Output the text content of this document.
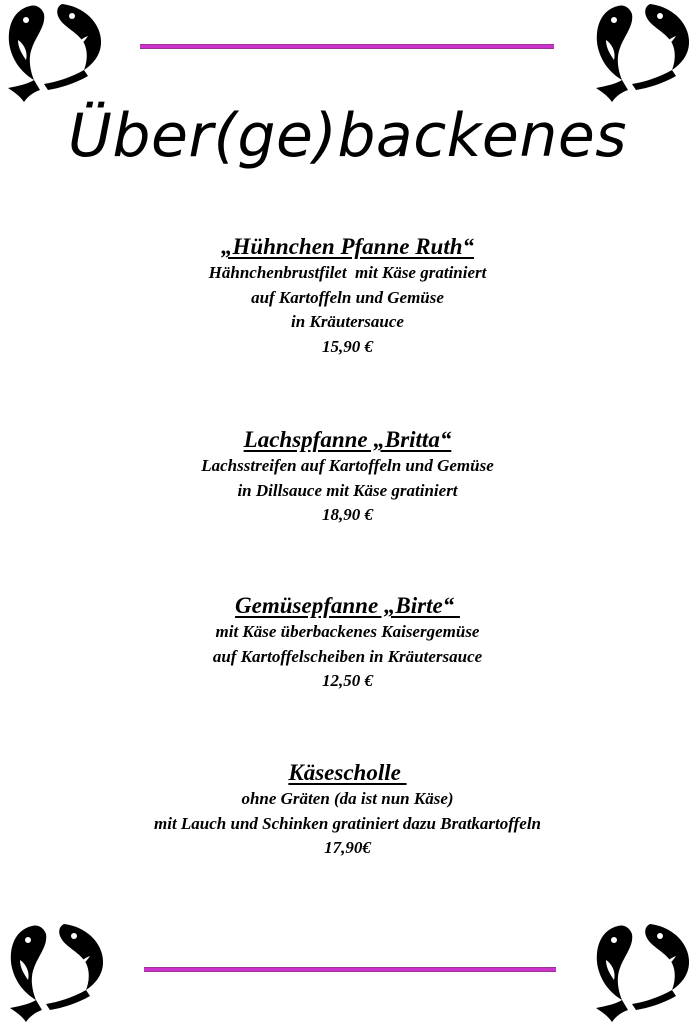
Über(ge)backenes
„Hühnchen Pfanne Ruth“
Hähnchenbrustfilet  mit Käse gratiniert
auf Kartoffeln und Gemüse
in Kräutersauce
15,90 €
Lachspfanne „Britta“
Lachsstreifen auf Kartoffeln und Gemüse
in Dillsauce mit Käse gratiniert
18,90 €
Gemüsepfanne „Birte“
mit Käse überbackenes Kaisergemüse
auf Kartoffelscheiben in Kräutersauce
12,50 €
Käsescholle
ohne Gräten (da ist nun Käse)
mit Lauch und Schinken gratiniert dazu Bratkartoffeln
17,90€
